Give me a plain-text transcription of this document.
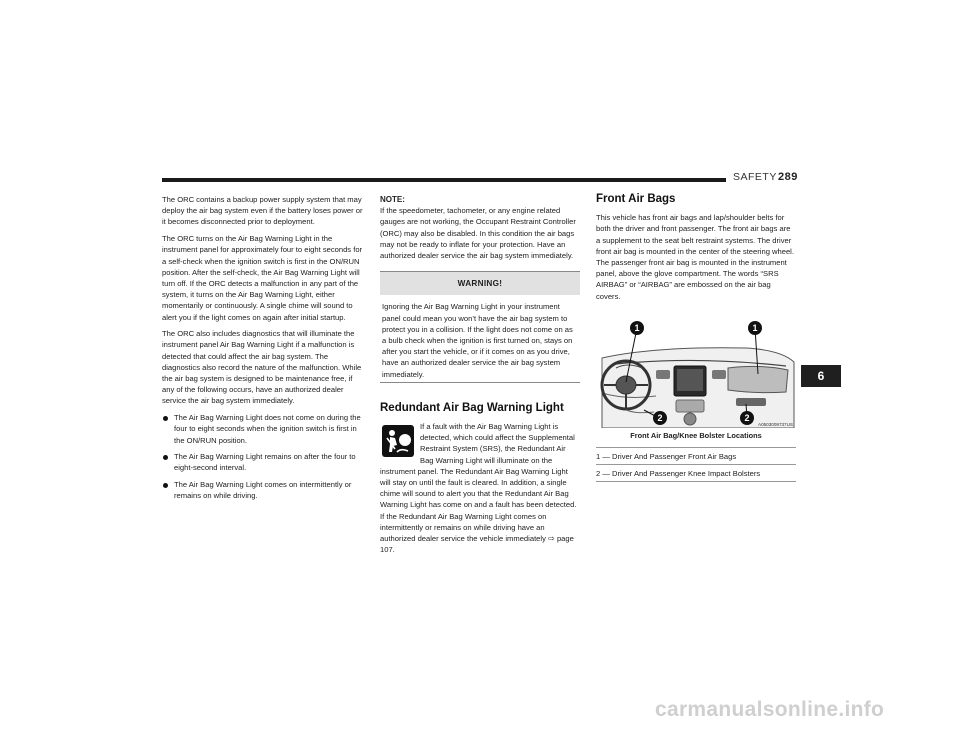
SAFETY 289

The ORC contains a backup power supply system that may deploy the air bag system even if the battery loses power or it becomes disconnected prior to deployment.

The ORC turns on the Air Bag Warning Light in the instrument panel for approximately four to eight seconds for a self-check when the ignition switch is first in the ON/RUN position. After the self-check, the Air Bag Warning Light will turn off. If the ORC detects a malfunction in any part of the system, it turns on the Air Bag Warning Light, either momentarily or continuously. A single chime will sound to alert you if the light comes on again after initial startup.

The ORC also includes diagnostics that will illuminate the instrument panel Air Bag Warning Light if a malfunction is detected that could affect the air bag system. The diagnostics also record the nature of the malfunction. While the air bag system is designed to be maintenance free, if any of the following occurs, have an authorized dealer service the air bag system immediately.

The Air Bag Warning Light does not come on during the four to eight seconds when the ignition switch is first in the ON/RUN position.
The Air Bag Warning Light remains on after the four to eight-second interval.
The Air Bag Warning Light comes on intermittently or remains on while driving.
NOTE:

If the speedometer, tachometer, or any engine related gauges are not working, the Occupant Restraint Controller (ORC) may also be disabled. In this condition the air bags may not be ready to inflate for your protection. Have an authorized dealer service the air bag system immediately.

WARNING!
Ignoring the Air Bag Warning Light in your instrument panel could mean you won’t have the air bag system to protect you in a collision. If the light does not come on as a bulb check when the ignition is first turned on, stays on after you start the vehicle, or if it comes on as you drive, have an authorized dealer service the air bag system immediately.
Redundant Air Bag Warning Light
If a fault with the Air Bag Warning Light is detected, which could affect the Supplemental Restraint System (SRS), the Redundant Air Bag Warning Light will illuminate on the instrument panel. The Redundant Air Bag Warning Light will stay on until the fault is cleared. In addition, a single chime will sound to alert you that the Redundant Air Bag Warning Light has come on and a fault has been detected. If the Redundant Air Bag Warning Light comes on intermittently or remains on while driving have an authorized dealer service the vehicle immediately ⇨ page 107.
Front Air Bags

This vehicle has front air bags and lap/shoulder belts for both the driver and front passenger. The front air bags are a supplement to the seat belt restraint systems. The driver front air bag is mounted in the center of the steering wheel. The passenger front air bag is mounted in the instrument panel, above the glove compartment. The words “SRS AIRBAG” or “AIRBAG” are embossed on the air bag covers.

1	1
2	2
A0503009737US
Front Air Bag/Knee Bolster Locations
1 — Driver And Passenger Front Air Bags
2 — Driver And Passenger Knee Impact Bolsters
6
carmanualsonline.info
